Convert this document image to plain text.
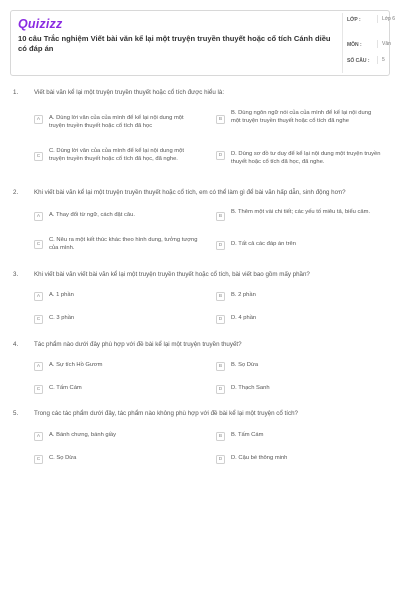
Quizizz
10 câu Trắc nghiệm Viết bài văn kể lại một truyện truyền thuyết hoặc cổ tích Cánh diều có đáp án
LỚP :	Lớp 6
MÔN :	Văn
SỐ CÂU :	5
1.	Viết bài văn kể lại một truyện truyền thuyết hoặc cổ tích được hiểu là:
A	A. Dùng lời văn của của mình để kể lại nội dung một truyện truyền thuyết hoặc cổ tích đã học
B
B. Dùng ngôn ngữ nói của của mình để kể lại nội dung một truyện truyền thuyết hoặc cổ tích đã nghe
C
C. Dùng lời văn của của mình để kể lại nội dung một truyện truyền thuyết hoặc cổ tích đã học, đã nghe.	D	D. Dùng sơ đồ tư duy để kể lại nội dung một truyện truyền thuyết hoặc cổ tích đã học, đã nghe.
2.	Khi viết bài văn kể lại một truyện truyền thuyết hoặc cổ tích, em có thể làm gì để bài văn hấp dẫn, sinh động hơn?
A	A. Thay đổi từ ngữ, cách đặt câu.	B
B. Thêm một vài chi tiết; các yếu tố miêu tả, biểu cảm.
C
C. Nêu ra một kết thúc khác theo hình dung, tưởng tượng của mình.	D	D. Tất cả các đáp án trên
3.	Khi viết bài văn viết bài văn kể lại một truyện truyền thuyết hoặc cổ tích, bài viết bao gồm mấy phần?
A	A. 1 phần	B	B. 2 phần
C	C. 3 phần	D	D. 4 phần
4.	Tác phẩm nào dưới đây phù hợp với đề bài kể lại một truyện truyền thuyết?
A	A. Sự tích Hồ Gươm	B	B. Sọ Dừa
C	C. Tấm Cám	D	D. Thạch Sanh
5.	Trong các tác phẩm dưới đây, tác phẩm nào không phù hợp với đề bài kể lại một truyện cổ tích?
A	A. Bánh chưng, bánh giầy	B	B. Tấm Cám
C	C. Sọ Dừa	D	D. Cậu bé thông minh
